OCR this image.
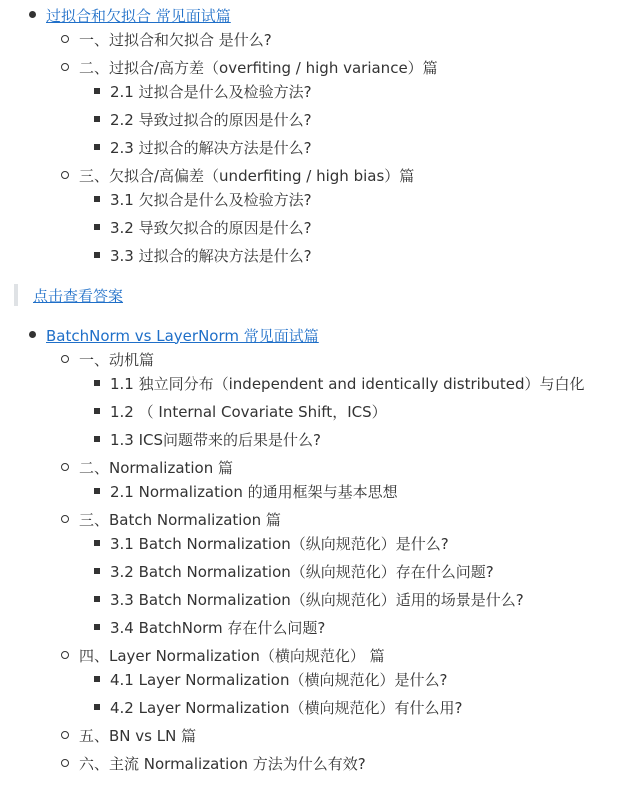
过拟合和欠拟合 常见面试篇
一、过拟合和欠拟合 是什么?
二、过拟合/高方差（overfiting / high variance）篇
2.1 过拟合是什么及检验方法?
2.2 导致过拟合的原因是什么?
2.3 过拟合的解决方法是什么?
三、欠拟合/高偏差（underfiting / high bias）篇
3.1 欠拟合是什么及检验方法?
3.2 导致欠拟合的原因是什么?
3.3 过拟合的解决方法是什么?
点击查看答案
BatchNorm vs LayerNorm 常见面试篇
一、动机篇
1.1 独立同分布（independent and identically distributed）与白化
1.2 （ Internal Covariate Shift，ICS）
1.3 ICS问题带来的后果是什么?
二、Normalization 篇
2.1 Normalization 的通用框架与基本思想
三、Batch Normalization 篇
3.1 Batch Normalization（纵向规范化）是什么?
3.2 Batch Normalization（纵向规范化）存在什么问题?
3.3 Batch Normalization（纵向规范化）适用的场景是什么?
3.4 BatchNorm 存在什么问题?
四、Layer Normalization（横向规范化） 篇
4.1 Layer Normalization（横向规范化）是什么?
4.2 Layer Normalization（横向规范化）有什么用?
五、BN vs LN 篇
六、主流 Normalization 方法为什么有效?
